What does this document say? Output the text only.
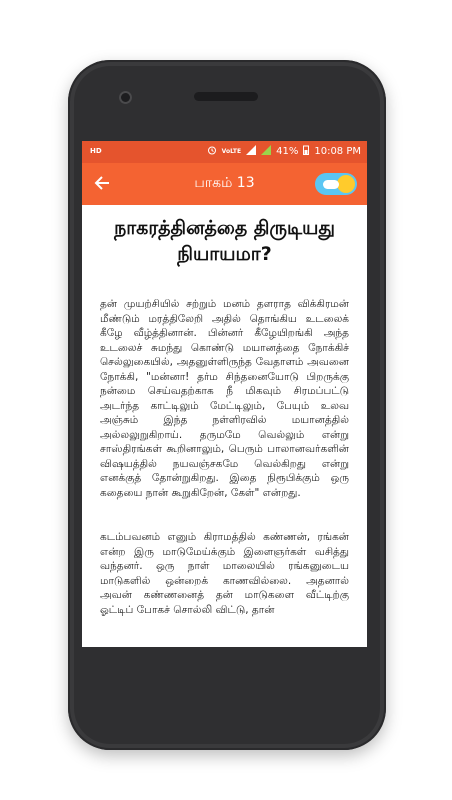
HD	VoLTE	41% 10:08 PM
பாகம் 13
நாகரத்தினத்தை திருடியது நியாயமா?

தன் முயற்சியில் சற்றும் மனம் தளராத விக்கிரமன் மீண்டும் மரத்திலேறி அதில் தொங்கிய உடலைக் கீழே வீழ்த்தினான். பின்னர் கீழேயிறங்கி அந்த உடலைச் சுமந்து கொண்டு மயானத்தை நோக்கிச் செல்லுகையில், அதனுள்ளிருந்த வேதாளம் அவனை நோக்கி, "மன்னா! தர்ம சிந்தனையோடு பிறருக்கு நன்மை செய்வதற்காக நீ மிகவும் சிரமப்பட்டு அடர்ந்த காட்டிலும் மேட்டிலும், பேயும் உலவ அஞ்சும் இந்த நள்ளிரவில் மயானத்தில் அல்லலுறுகிறாய். தருமமே வெல்லும் என்று சாஸ்திரங்கள் கூறினாலும், பெரும் பாலானவர்களின் விஷயத்தில் நயவஞ்சகமே வெல்கிறது என்று எனக்குத் தோன்றுகிறது. இதை நிரூபிக்கும் ஒரு கதையை நான் கூறுகிறேன், கேள்" என்றது.

கடம்பவனம் எனும் கிராமத்தில் கண்ணன், ரங்கன் என்ற இரு மாடுமேய்க்கும் இளைஞர்கள் வசித்து வந்தனர். ஒரு நாள் மாலையில் ரங்கனுடைய மாடுகளில் ஒன்றைக் காணவில்லை. அதனால் அவன் கண்ணனைத் தன் மாடுகளை வீட்டிற்கு ஓட்டிப் போகச் சொல்லி விட்டு, தான்
